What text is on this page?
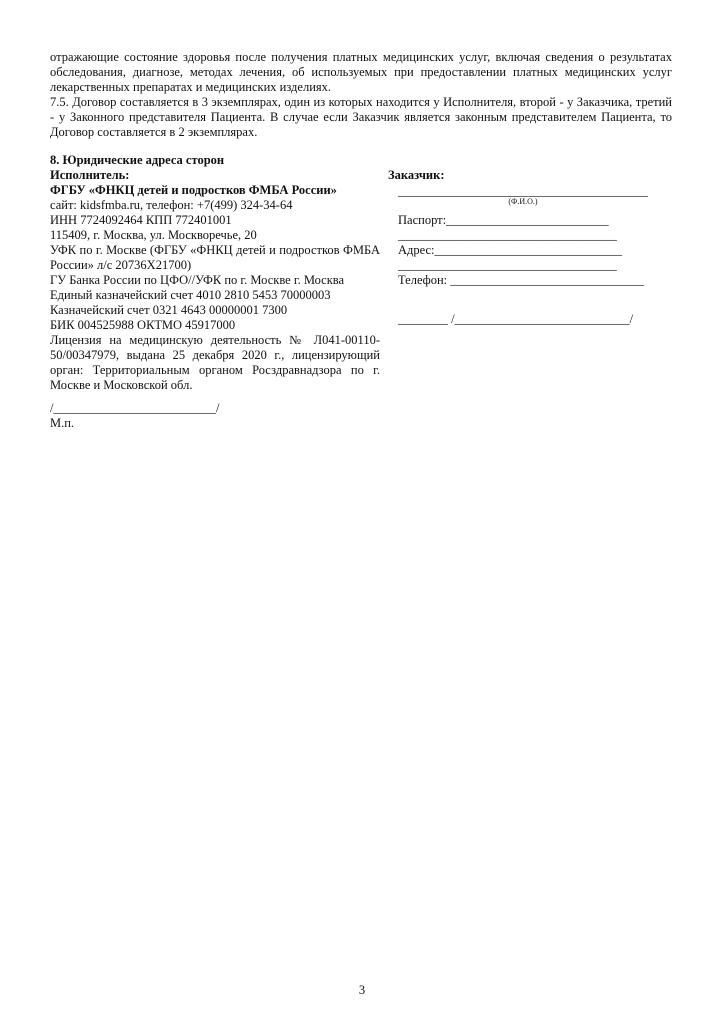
отражающие состояние здоровья после получения платных медицинских услуг, включая сведения о результатах обследования, диагнозе, методах лечения, об используемых при предоставлении платных медицинских услуг лекарственных препаратах и медицинских изделиях.
7.5. Договор составляется в 3 экземплярах, один из которых находится у Исполнителя, второй - у Заказчика, третий - у Законного представителя Пациента. В случае если Заказчик является законным представителем Пациента, то Договор составляется в 2 экземплярах.
8. Юридические адреса сторон
Исполнитель:
ФГБУ «ФНКЦ детей и подростков ФМБА России»
сайт: kidsfmba.ru, телефон: +7(499) 324-34-64
ИНН 7724092464 КПП 772401001
115409, г. Москва, ул. Москворечье, 20
УФК по г. Москве (ФГБУ «ФНКЦ детей и подростков ФМБА России» л/с 20736X21700)
ГУ Банка России по ЦФО//УФК по г. Москве г. Москва
Единый казначейский счет 4010 2810 5453 70000003
Казначейский счет 0321 4643 00000001 7300
БИК 004525988 ОКТМО 45917000
Лицензия на медицинскую деятельность № Л041-00110-50/00347979, выдана 25 декабря 2020 г., лицензирующий орган: Территориальным органом Росздравнадзора по г. Москве и Московской обл.
/__________________________/
М.п.
Заказчик:
________________________________________
(Ф.И.О.)
Паспорт:__________________________
___________________________________
Адрес:______________________________
___________________________________
Телефон: _______________________________
________ /____________________________/
3
